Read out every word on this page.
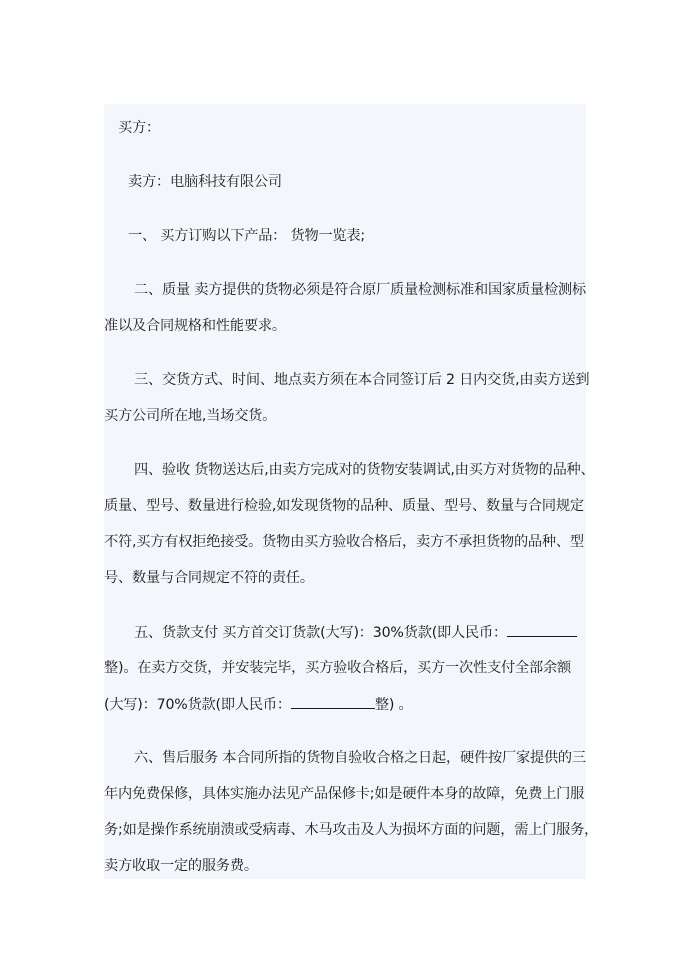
买方：
卖方：电脑科技有限公司
一、 买方订购以下产品： 货物一览表;
二、质量 卖方提供的货物必须是符合原厂质量检测标准和国家质量检测标
准以及合同规格和性能要求。
三、交货方式、时间、地点卖方须在本合同签订后 2 日内交货,由卖方送到
买方公司所在地,当场交货。
四、验收 货物送达后,由卖方完成对的货物安装调试,由买方对货物的品种、
质量、型号、数量进行检验,如发现货物的品种、质量、型号、数量与合同规定
不符,买方有权拒绝接受。货物由买方验收合格后，卖方不承担货物的品种、型
号、数量与合同规定不符的责任。
五、货款支付 买方首交订货款(大写)：30%货款(即人民币：
整)。在卖方交货，并安装完毕，买方验收合格后，买方一次性支付全部余额
(大写)：70%货款(即人民币：	整) 。
六、售后服务 本合同所指的货物自验收合格之日起，硬件按厂家提供的三
年内免费保修，具体实施办法见产品保修卡;如是硬件本身的故障，免费上门服
务;如是操作系统崩溃或受病毒、木马攻击及人为损坏方面的问题，需上门服务，
卖方收取一定的服务费。
